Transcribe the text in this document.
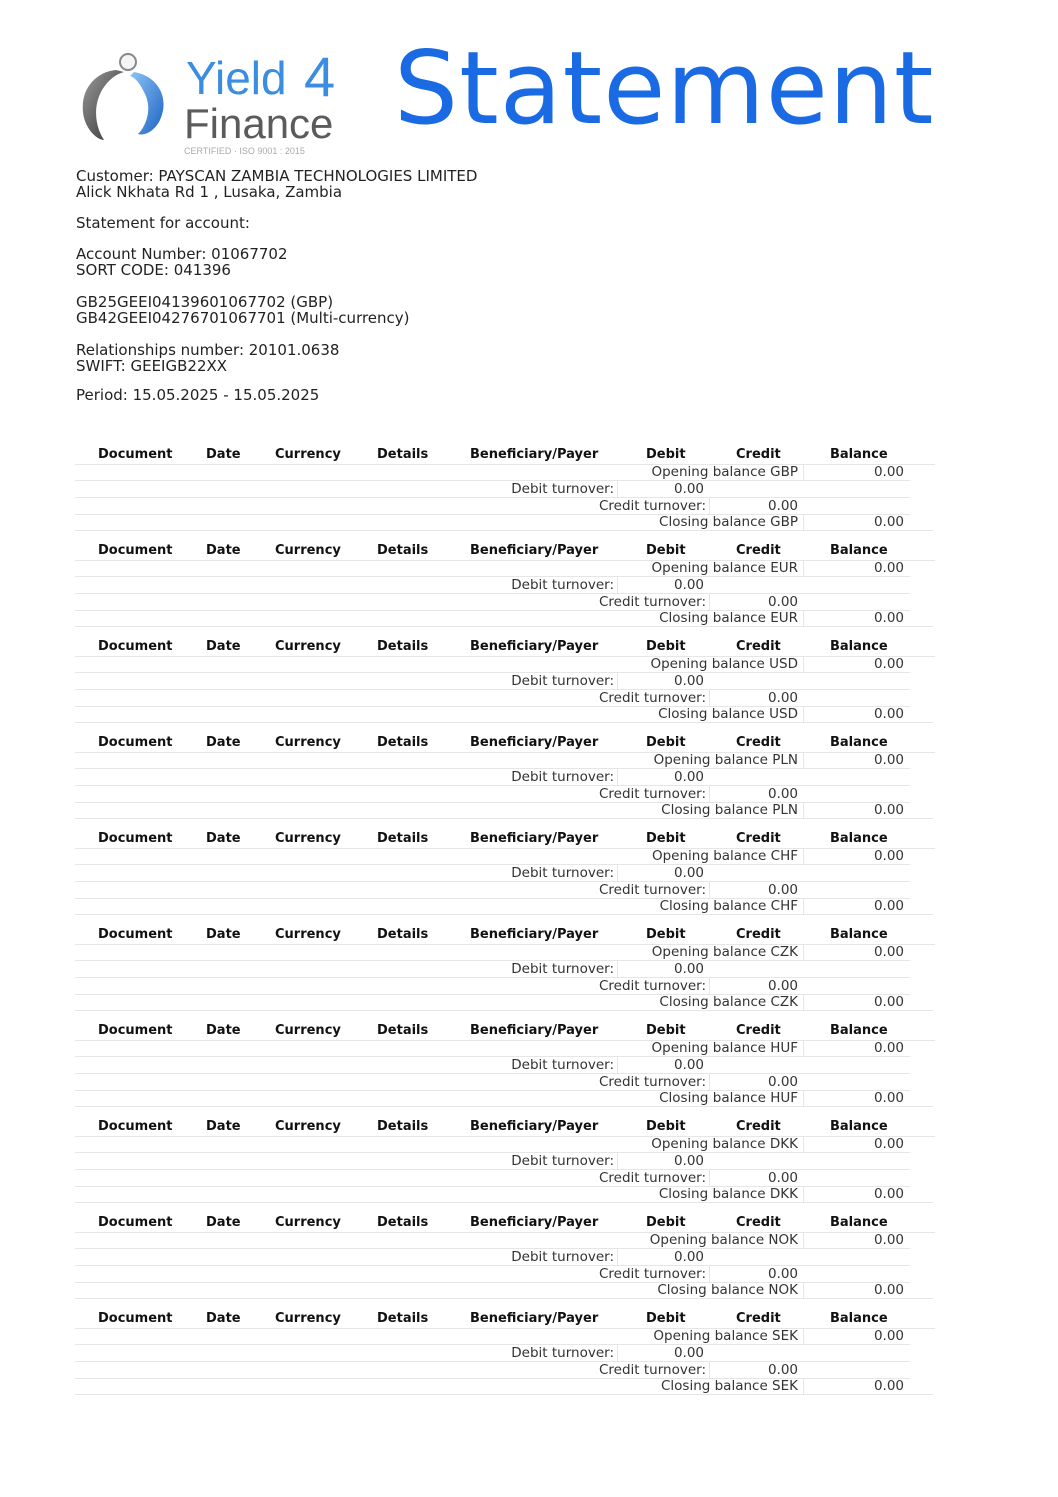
Yield 4
Finance
CERTIFIED · ISO 9001 : 2015
Statement
Customer: PAYSCAN ZAMBIA TECHNOLOGIES LIMITED
Alick Nkhata Rd 1 , Lusaka, Zambia
Statement for account:
Account Number: 01067702
SORT CODE: 041396
GB25GEEI04139601067702 (GBP)
GB42GEEI04276701067701 (Multi-currency)
Relationships number: 20101.0638
SWIFT: GEEIGB22XX
Period: 15.05.2025 - 15.05.2025
Document	Date	Currency	Details	Beneficiary/Payer	Debit	Credit	Balance
Opening balance GBP	0.00
Debit turnover:	0.00
Credit turnover:	0.00
Closing balance GBP	0.00
Document	Date	Currency	Details	Beneficiary/Payer	Debit	Credit	Balance
Opening balance EUR	0.00
Debit turnover:	0.00
Credit turnover:	0.00
Closing balance EUR	0.00
Document	Date	Currency	Details	Beneficiary/Payer	Debit	Credit	Balance
Opening balance USD	0.00
Debit turnover:	0.00
Credit turnover:	0.00
Closing balance USD	0.00
Document	Date	Currency	Details	Beneficiary/Payer	Debit	Credit	Balance
Opening balance PLN	0.00
Debit turnover:	0.00
Credit turnover:	0.00
Closing balance PLN	0.00
Document	Date	Currency	Details	Beneficiary/Payer	Debit	Credit	Balance
Opening balance CHF	0.00
Debit turnover:	0.00
Credit turnover:	0.00
Closing balance CHF	0.00
Document	Date	Currency	Details	Beneficiary/Payer	Debit	Credit	Balance
Opening balance CZK	0.00
Debit turnover:	0.00
Credit turnover:	0.00
Closing balance CZK	0.00
Document	Date	Currency	Details	Beneficiary/Payer	Debit	Credit	Balance
Opening balance HUF	0.00
Debit turnover:	0.00
Credit turnover:	0.00
Closing balance HUF	0.00
Document	Date	Currency	Details	Beneficiary/Payer	Debit	Credit	Balance
Opening balance DKK	0.00
Debit turnover:	0.00
Credit turnover:	0.00
Closing balance DKK	0.00
Document	Date	Currency	Details	Beneficiary/Payer	Debit	Credit	Balance
Opening balance NOK	0.00
Debit turnover:	0.00
Credit turnover:	0.00
Closing balance NOK	0.00
Document	Date	Currency	Details	Beneficiary/Payer	Debit	Credit	Balance
Opening balance SEK	0.00
Debit turnover:	0.00
Credit turnover:	0.00
Closing balance SEK	0.00
